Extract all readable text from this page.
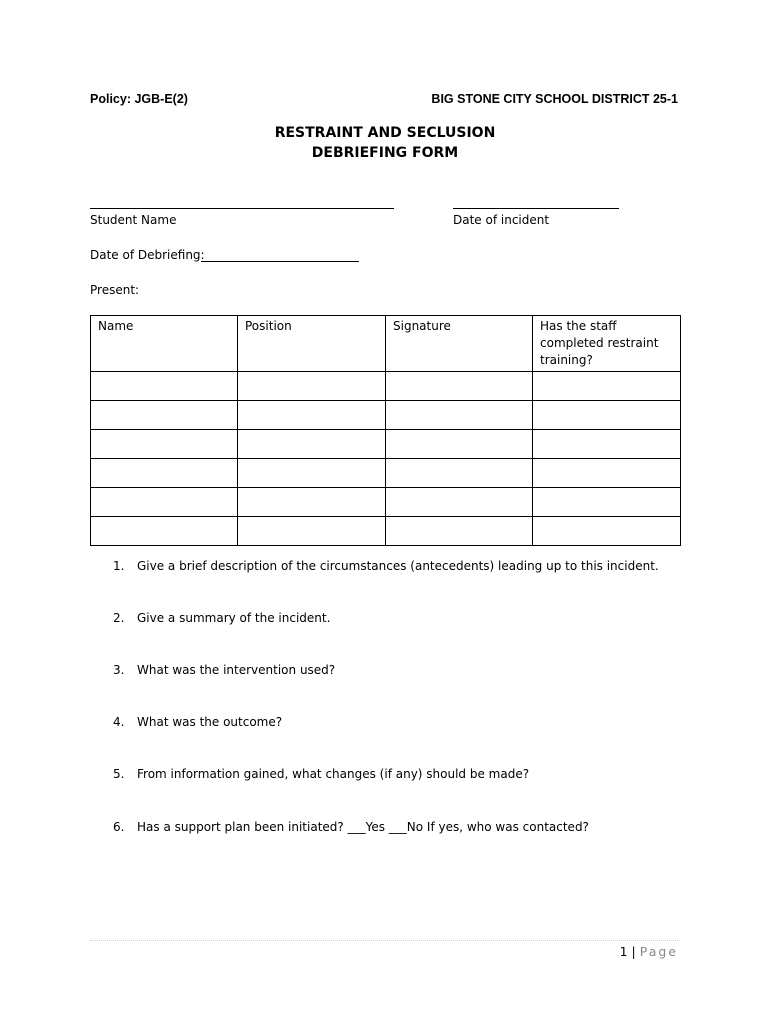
Policy: JGB-E(2)	BIG STONE CITY SCHOOL DISTRICT 25-1
RESTRAINT AND SECLUSION
DEBRIEFING FORM
Student Name	Date of incident
Date of Debriefing:
Present:
Name	Position	Signature	Has the staff completed restraint training?

1. Give a brief description of the circumstances (antecedents) leading up to this incident.
2. Give a summary of the incident.
3. What was the intervention used?
4. What was the outcome?
5. From information gained, what changes (if any) should be made?
6. Has a support plan been initiated? ___Yes ___No If yes, who was contacted?
1 | Page
